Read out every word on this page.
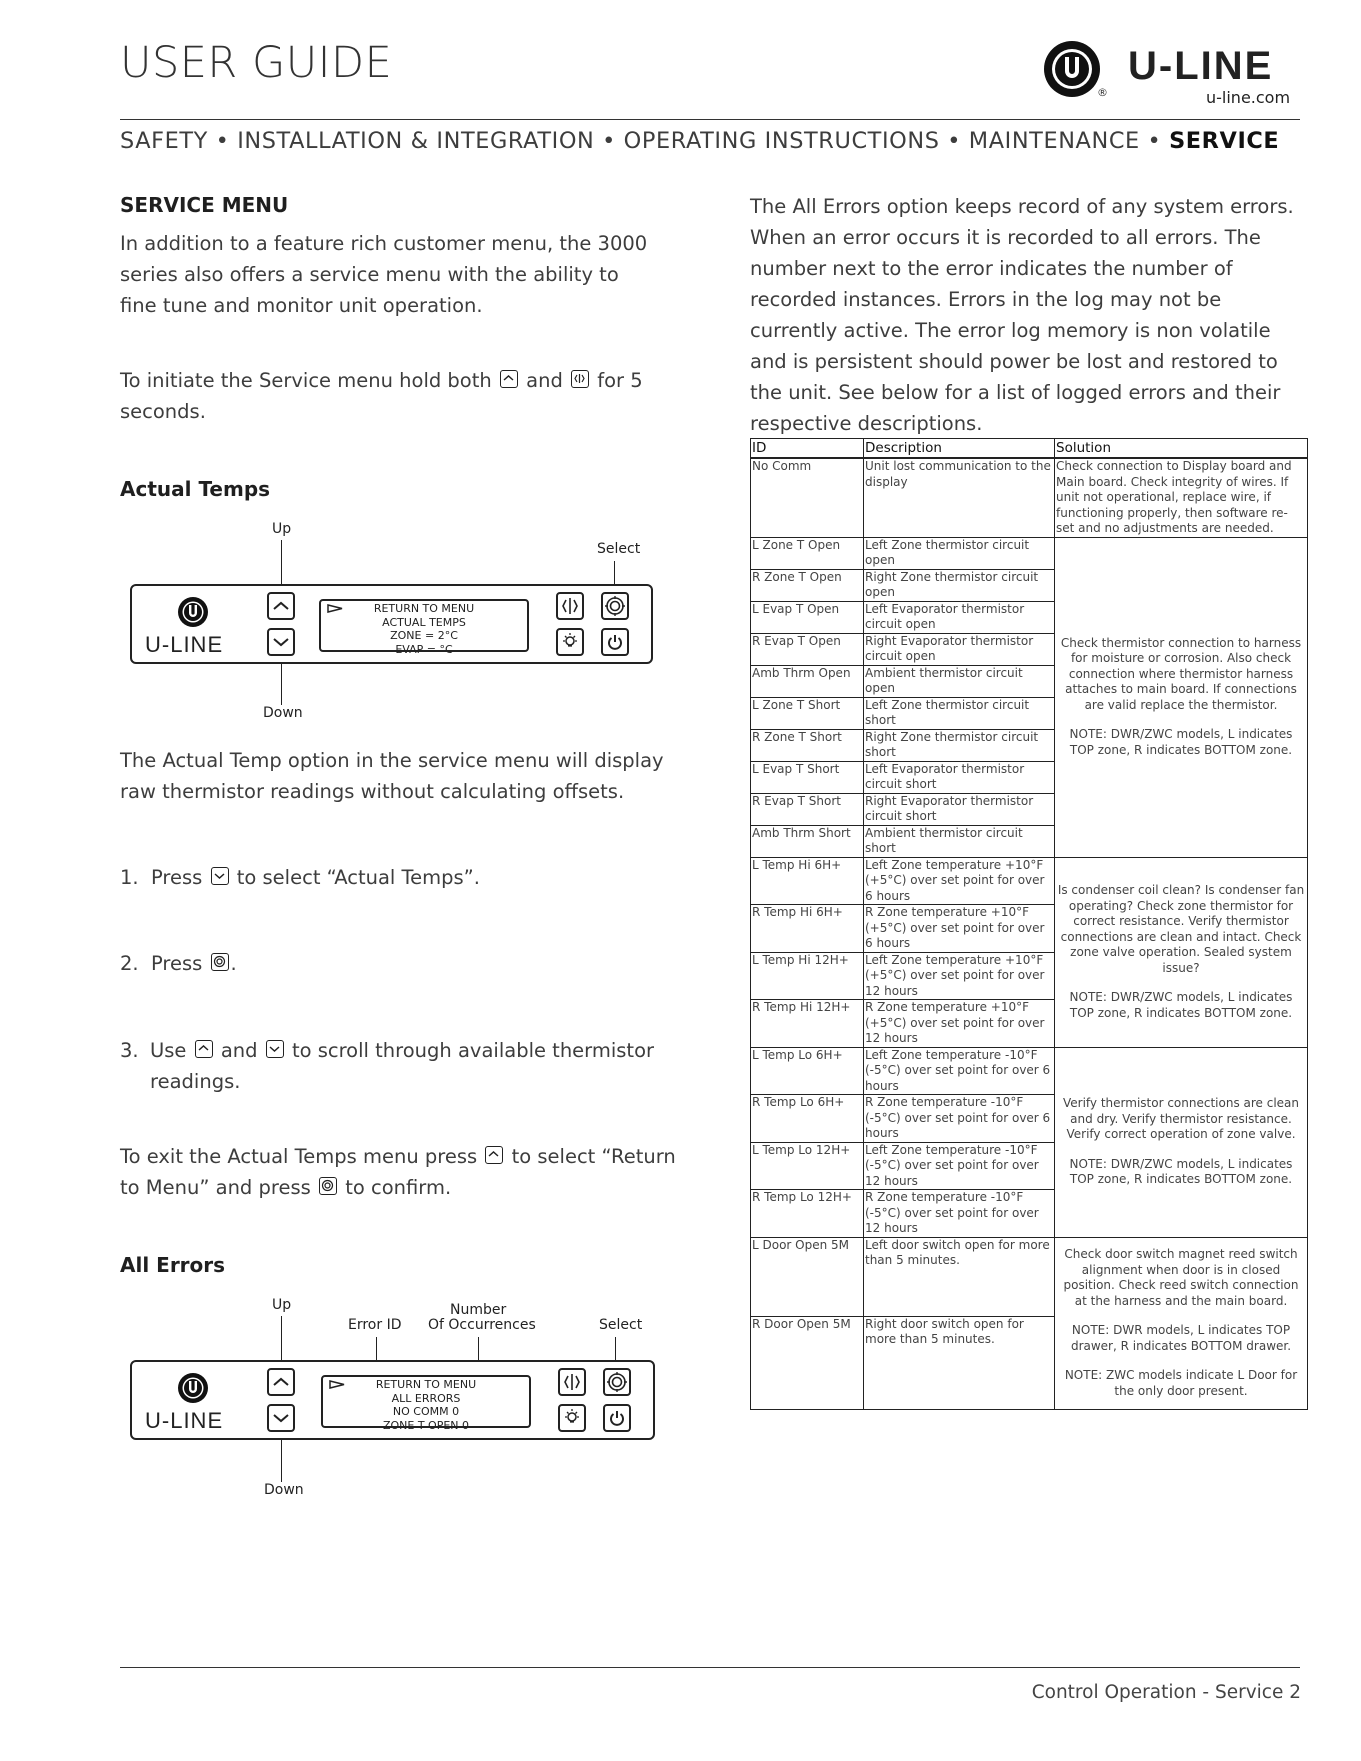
USER GUIDE
®
U-LINE
u-line.com
SAFETY • INSTALLATION & INTEGRATION • OPERATING INSTRUCTIONS • MAINTENANCE • SERVICE
SERVICE MENU
In addition to a feature rich customer menu, the 3000 series also offers a service menu with the ability to fine tune and monitor unit operation.
To initiate the Service menu hold both and for 5 seconds.
Actual Temps
Up
Select
Down
U-LINE
RETURN TO MENU
ACTUAL TEMPS
ZONE = 2°C
EVAP = °C
The Actual Temp option in the service menu will display raw thermistor readings without calculating offsets.
1. Press to select “Actual Temps”.
2. Press .
3. Use and to scroll through available thermistor readings.
To exit the Actual Temps menu press to select “Return to Menu” and press to confirm.
All Errors
Up
Error ID
Number
Of Occurrences	Select
Down
U-LINE
RETURN TO MENU
ALL ERRORS
NO COMM 0
ZONE T OPEN 0
The All Errors option keeps record of any system errors. When an error occurs it is recorded to all errors. The number next to the error indicates the number of recorded instances. Errors in the log may not be currently active. The error log memory is non volatile and is persistent should power be lost and restored to the unit. See below for a list of logged errors and their respective descriptions.
ID	Description	Solution
No Comm	Unit lost communication to the display	Check connection to Display board and Main board. Check integrity of wires. If unit not operational, replace wire, if functioning properly, then software re-set and no adjustments are needed.
L Zone T Open	Left Zone thermistor circuit open	Check thermistor connection to harness for moisture or corrosion. Also check connection where thermistor harness attaches to main board. If connections are valid replace the thermistor.
NOTE: DWR/ZWC models, L indicates TOP zone, R indicates BOTTOM zone.

R Zone T Open	Right Zone thermistor circuit open	
L Evap T Open	Left Evaporator thermistor circuit open	
R Evap T Open	Right Evaporator thermistor circuit open	
Amb Thrm Open	Ambient thermistor circuit open	
L Zone T Short	Left Zone thermistor circuit short	
R Zone T Short	Right Zone thermistor circuit short	
L Evap T Short	Left Evaporator thermistor circuit short	
R Evap T Short	Right Evaporator thermistor circuit short	
Amb Thrm Short	Ambient thermistor circuit short	
L Temp Hi 6H+	Left Zone temperature +10°F (+5°C) over set point for over 6 hours	Is condenser coil clean? Is condenser fan operating? Check zone thermistor for correct resistance. Verify thermistor connections are clean and intact. Check zone valve operation. Sealed system issue?
NOTE: DWR/ZWC models, L indicates TOP zone, R indicates BOTTOM zone.

R Temp Hi 6H+	R Zone temperature +10°F (+5°C) over set point for over 6 hours	
L Temp Hi 12H+	Left Zone temperature +10°F (+5°C) over set point for over 12 hours	
R Temp Hi 12H+	R Zone temperature +10°F (+5°C) over set point for over 12 hours	
L Temp Lo 6H+	Left Zone temperature -10°F (-5°C) over set point for over 6 hours	Verify thermistor connections are clean and dry. Verify thermistor resistance. Verify correct operation of zone valve.
NOTE: DWR/ZWC models, L indicates TOP zone, R indicates BOTTOM zone.

R Temp Lo 6H+	R Zone temperature -10°F (-5°C) over set point for over 6 hours	
L Temp Lo 12H+	Left Zone temperature -10°F (-5°C) over set point for over 12 hours	
R Temp Lo 12H+	R Zone temperature -10°F (-5°C) over set point for over 12 hours	
L Door Open 5M	Left door switch open for more than 5 minutes.	Check door switch magnet reed switch alignment when door is in closed position. Check reed switch connection at the harness and the main board.
NOTE: DWR models, L indicates TOP drawer, R indicates BOTTOM drawer.
NOTE: ZWC models indicate L Door for the only door present.

R Door Open 5M	Right door switch open for more than 5 minutes.	
Control Operation - Service 2
